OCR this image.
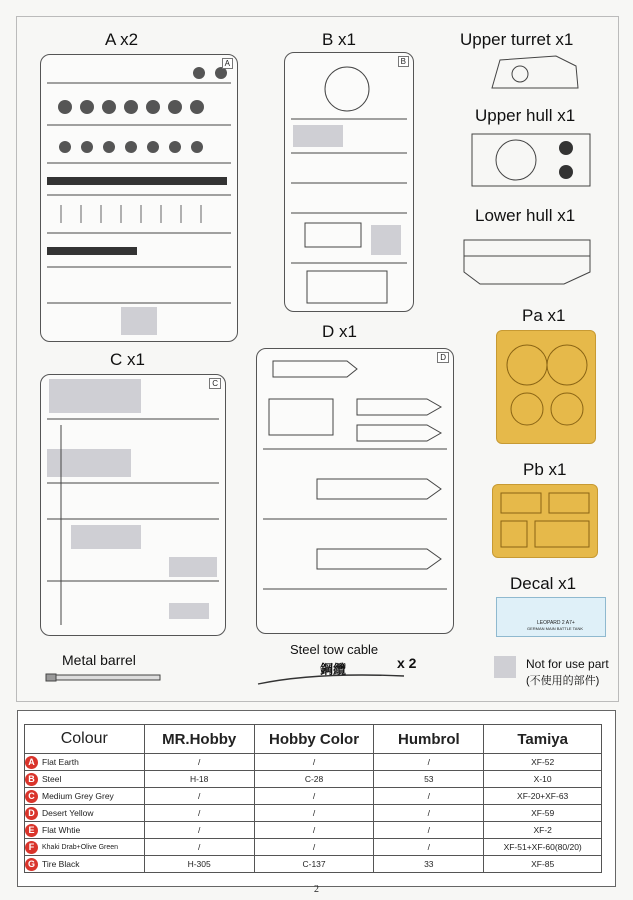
A x2	B x1	Upper turret x1
Upper hull x1
Lower hull x1
Pa x1
C x1
D x1
Pb x1
Decal x1
Metal barrel
Steel tow cable
鋼纜	x 2
A	B
LEOPARD 2 A7+
GERMAN MAIN BATTLE TANK
C
D
Not for use part
(不使用的部件)
Colour	MR.Hobby	Hobby Color	Humbrol	Tamiya
A Flat Earth	/	/	/	XF-52
B Steel	H-18	C-28	53	X-10
C Medium Grey Grey	/	/	/	XF-20+XF-63
D Desert Yellow	/	/	/	XF-59
E Flat Whtie	/	/	/	XF-2
F Khaki Drab+Olive Green	/	/	/	XF-51+XF-60(80/20)
G Tire Black	H-305	C-137	33	XF-85
2
